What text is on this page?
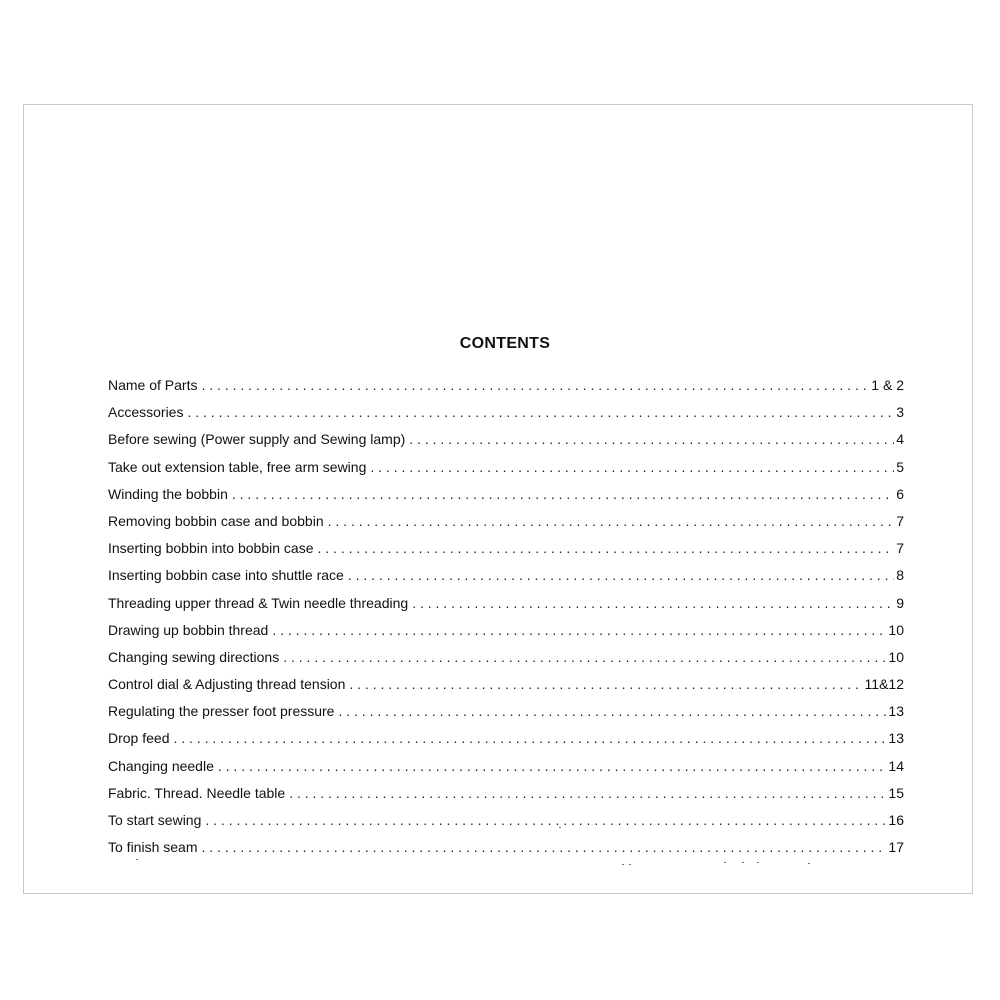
CONTENTS
Name of Parts . . .	1 & 2
Accessories . . .	3
Before sewing (Power supply and Sewing lamp) . . .	4
Take out extension table, free arm sewing . . .	5
Winding the bobbin . . .	6
Removing bobbin case and bobbin . . .	7
Inserting bobbin into bobbin case . . .	7
Inserting bobbin case into shuttle race . . .	8
Threading upper thread & Twin needle threading . . .	9
Drawing up bobbin thread . . .	10
Changing sewing directions . . .	10
Control dial & Adjusting thread tension . . .	11&12
Regulating the presser foot pressure . . .	13
Drop feed . . .	13
Changing needle . . .	14
Fabric. Thread. Needle table . . .	15
To start sewing . . .	16
To finish seam . . .	17
